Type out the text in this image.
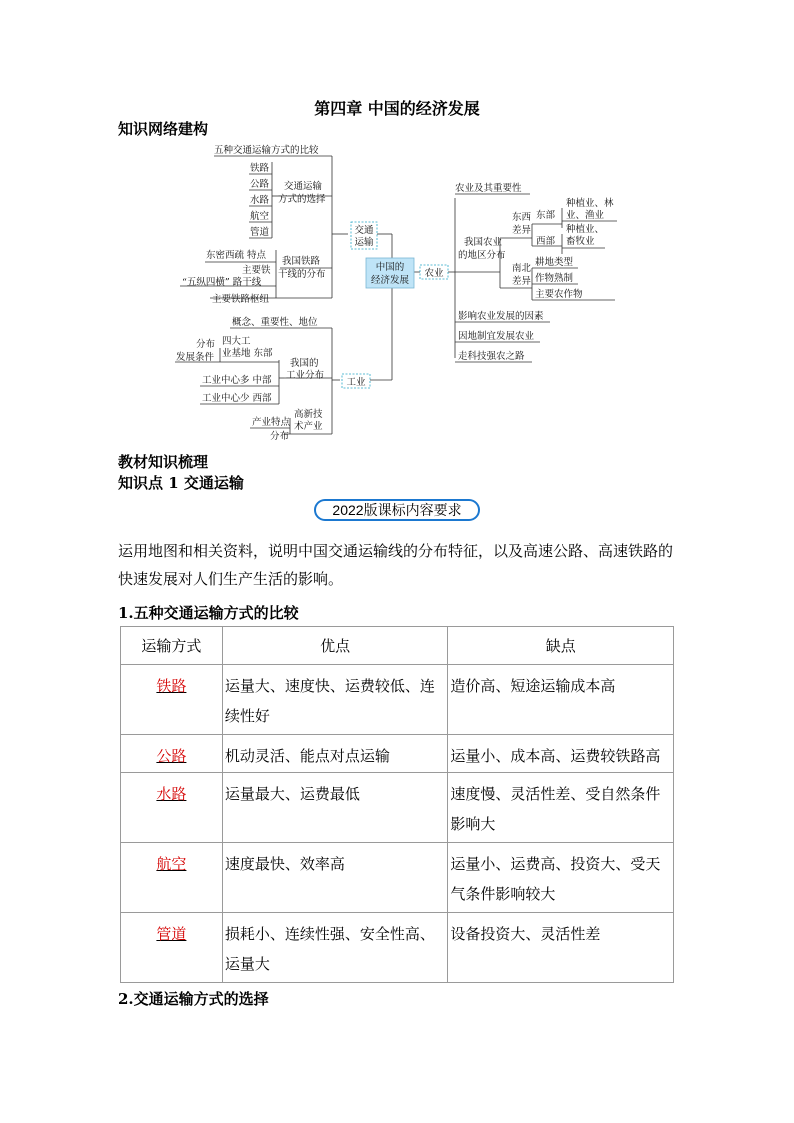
第四章 中国的经济发展
知识网络建构
中国的
经济发展
交通
运输
农业
工业
五种交通运输方式的比较
交通运输
方式的选择
铁路
公路
水路
航空
管道
我国铁路
干线的分布
东密西疏 特点
主要铁
“五纵四横” 路干线
主要铁路枢纽
农业及其重要性
我国农业
的地区分布
东西
差异
东部
种植业、林
业、渔业
西部
种植业、
畜牧业
南北
差异
耕地类型
作物熟制
主要农作物
影响农业发展的因素
因地制宜发展农业
走科技强农之路
概念、重要性、地位
我国的
工业分布
分布
发展条件
四大工
业基地 东部
工业中心多 中部
工业中心少 西部
产业特点
高新技
术产业
分布
教材知识梳理
知识点 1 交通运输
2022版课标内容要求
运用地图和相关资料，说明中国交通运输线的分布特征，以及高速公路、高速铁路的快速发展对人们生产生活的影响。
1.五种交通运输方式的比较
运输方式	优点	缺点
铁路	运量大、速度快、运费较低、连续性好	造价高、短途运输成本高
公路	机动灵活、能点对点运输	运量小、成本高、运费较铁路高
水路	运量最大、运费最低	速度慢、灵活性差、受自然条件影响大
航空	速度最快、效率高	运量小、运费高、投资大、受天气条件影响较大
管道	损耗小、连续性强、安全性高、运量大	设备投资大、灵活性差
2.交通运输方式的选择
